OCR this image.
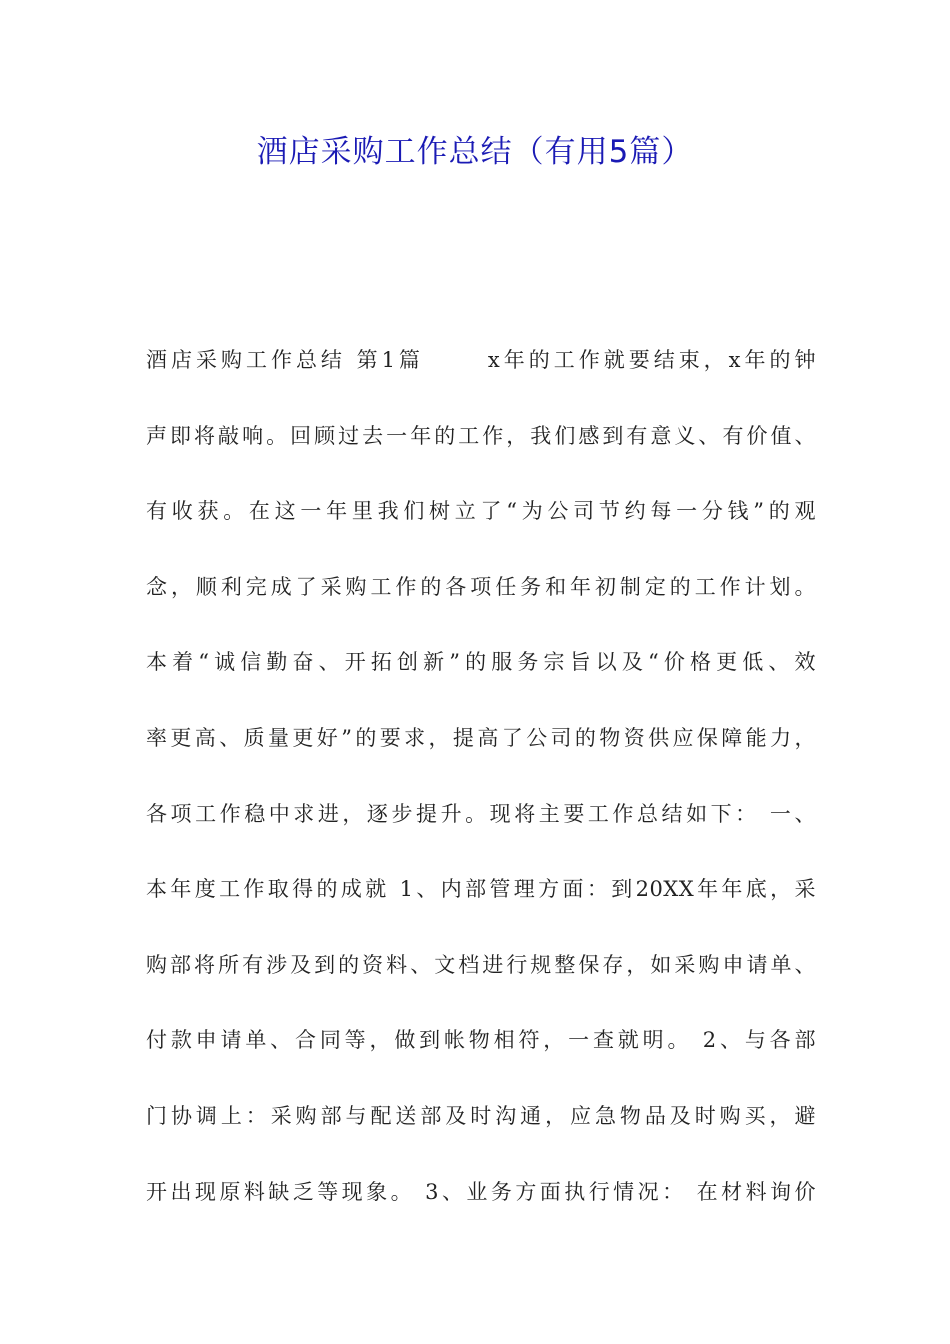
酒店采购工作总结（有用5篇）
酒店采购工作总结 第1篇      x年的工作就要结束，x年的钟
声即将敲响。回顾过去一年的工作，我们感到有意义、有价值、
有收获。在这一年里我们树立了“为公司节约每一分钱”的观
念，顺利完成了采购工作的各项任务和年初制定的工作计划。
本着“诚信勤奋、开拓创新”的服务宗旨以及“价格更低、效
率更高、质量更好”的要求，提高了公司的物资供应保障能力，
各项工作稳中求进，逐步提升。现将主要工作总结如下： 一、
本年度工作取得的成就 1、内部管理方面：到20XX年年底，采
购部将所有涉及到的资料、文档进行规整保存，如采购申请单、
付款申请单、合同等，做到帐物相符，一查就明。 2、与各部
门协调上：采购部与配送部及时沟通，应急物品及时购买，避
开出现原料缺乏等现象。 3、业务方面执行情况： 在材料询价
